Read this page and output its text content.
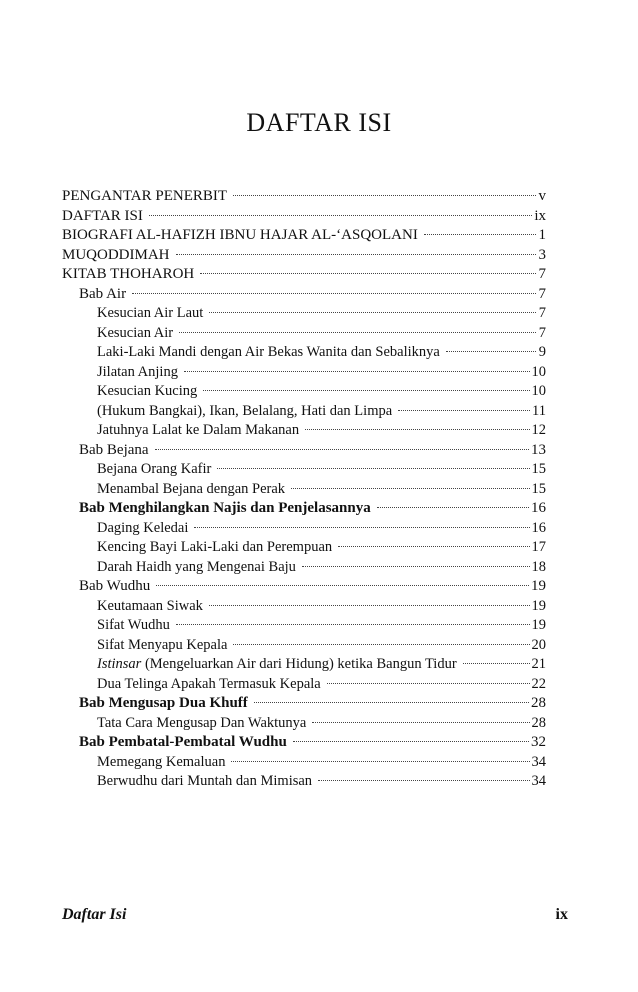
DAFTAR ISI
PENGANTAR PENERBIT	v
DAFTAR ISI	ix
BIOGRAFI AL-HAFIZH IBNU HAJAR AL-‘ASQOLANI	1
MUQODDIMAH	3
KITAB THOHAROH	7
Bab Air	7
Kesucian Air Laut	7
Kesucian Air	7
Laki-Laki Mandi dengan Air Bekas Wanita dan Sebaliknya	9
Jilatan Anjing	10
Kesucian Kucing	10
(Hukum Bangkai), Ikan, Belalang, Hati dan Limpa	11
Jatuhnya Lalat ke Dalam Makanan	12
Bab Bejana	13
Bejana Orang Kafir	15
Menambal Bejana dengan Perak	15
Bab Menghilangkan Najis dan Penjelasannya	16
Daging Keledai	16
Kencing Bayi Laki-Laki dan Perempuan	17
Darah Haidh yang Mengenai Baju	18
Bab Wudhu	19
Keutamaan Siwak	19
Sifat Wudhu	19
Sifat Menyapu Kepala	20
Istinsar (Mengeluarkan Air dari Hidung) ketika Bangun Tidur	21
Dua Telinga Apakah Termasuk Kepala	22
Bab Mengusap Dua Khuff	28
Tata Cara Mengusap Dan Waktunya	28
Bab Pembatal-Pembatal Wudhu	32
Memegang Kemaluan	34
Berwudhu dari Muntah dan Mimisan	34
Daftar Isi	ix
